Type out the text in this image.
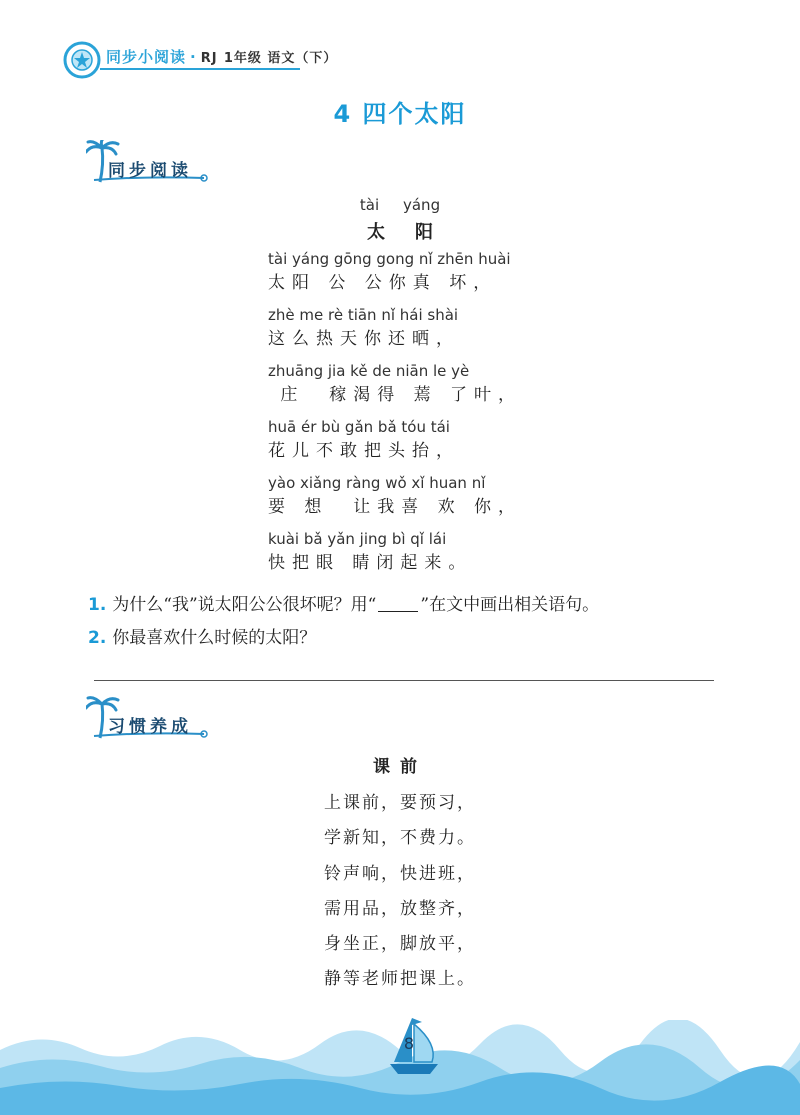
同步小阅读 · RJ 1年级 语文（下）
4 四个太阳
同步阅读
tài     yáng
太阳
tài yáng gōng gong nǐ zhēn huài
太阳 公 公你真 坏，
zhè me rè tiān nǐ hái shài
这么热天你还晒，
zhuāng jia kě de niān le yè
庄  稼渴得 蔫 了叶，
huā ér bù gǎn bǎ tóu tái
花儿不敢把头抬，
yào xiǎng ràng wǒ xǐ huan nǐ
要 想  让我喜 欢 你，
kuài bǎ yǎn jing bì qǐ lái
快把眼 睛闭起来。
1. 为什么“我”说太阳公公很坏呢？用“	”在文中画出相关语句。
2. 你最喜欢什么时候的太阳？
习惯养成
课前
上课前，要预习，
学新知，不费力。
铃声响，快进班，
需用品，放整齐，
身坐正，脚放平，
静等老师把课上。
8
